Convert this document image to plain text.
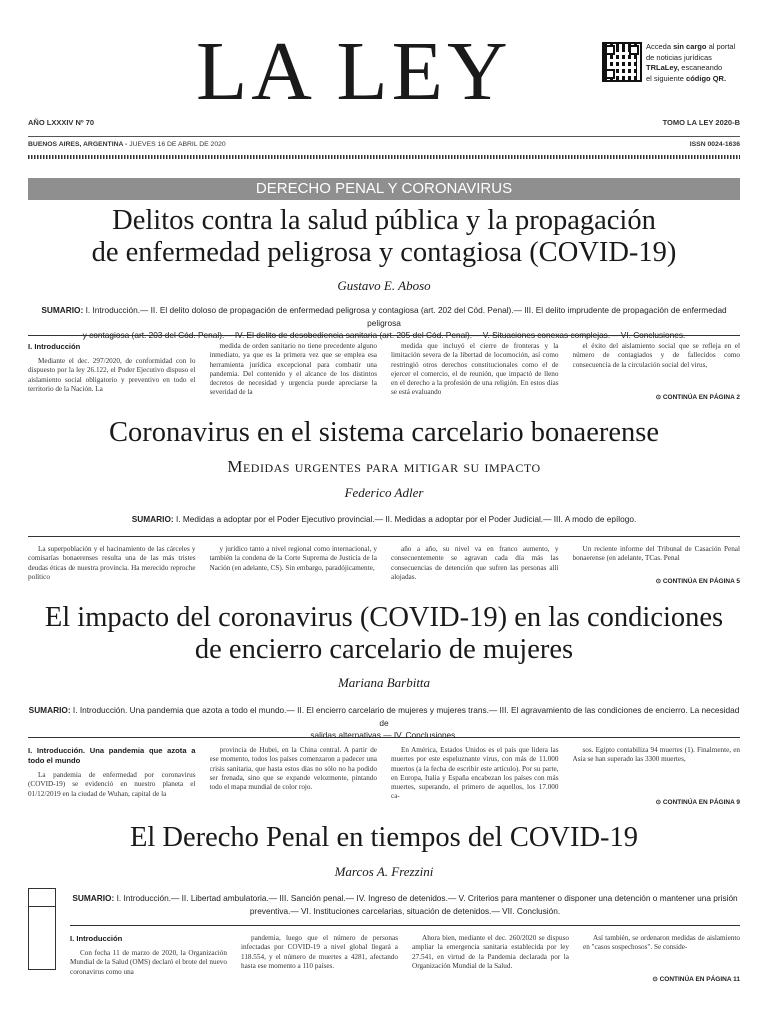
LA LEY	Acceda sin cargo al portal
de noticias jurídicas
TRLaLey, escaneando
el siguiente código QR.
AÑO LXXXIV Nº 70	TOMO LA LEY 2020-B
BUENOS AIRES, ARGENTINA - JUEVES 16 DE ABRIL DE 2020	ISSN 0024-1636
DERECHO PENAL Y CORONAVIRUS
Delitos contra la salud pública y la propagación
de enfermedad peligrosa y contagiosa (COVID-19)
Gustavo E. Aboso
SUMARIO: I. Introducción.— II. El delito doloso de propagación de enfermedad peligrosa y contagiosa (art. 202 del Cód. Penal).— III. El delito imprudente de propagación de enfermedad peligrosa
y contagiosa (art. 203 del Cód. Penal).— IV. El delito de desobediencia sanitaria (art. 205 del Cód. Penal).— V. Situaciones conexas complejas.— VI. Conclusiones.
I. Introducción

Mediante el dec. 297/2020, de conformidad con lo dispuesto por la ley 26.122, el Poder Ejecutivo dispuso el aislamiento social obligatorio y preventivo en todo el territorio de la Nación. La

medida de orden sanitario no tiene precedente alguno inmediato, ya que es la primera vez que se emplea esa herramienta jurídica excepcional para combatir una pandemia. Del contenido y el alcance de los distintos decretos de necesidad y urgencia puede apreciarse la severidad de la

medida que incluyó el cierre de fronteras y la limitación severa de la libertad de locomoción, así como restringió otros derechos constitucionales como el de ejercer el comercio, el de reunión, que impactó de lleno en el derecho a la profesión de una religión. En estos días se está evaluando

el éxito del aislamiento social que se refleja en el número de contagiados y de fallecidos como consecuencia de la circulación social del virus,

⊙ CONTINÚA EN PÁGINA 2
Coronavirus en el sistema carcelario bonaerense
Medidas urgentes para mitigar su impacto
Federico Adler
SUMARIO: I. Medidas a adoptar por el Poder Ejecutivo provincial.— II. Medidas a adoptar por el Poder Judicial.— III. A modo de epílogo.

La superpoblación y el hacinamiento de las cárceles y comisarías bonaerenses resulta una de las más tristes deudas éticas de nuestra provincia. Ha merecido reproche político

y jurídico tanto a nivel regional como internacional, y también la condena de la Corte Suprema de Justicia de la Nación (en adelante, CS). Sin embargo, paradójicamente,

año a año, su nivel va en franco aumento, y consecuentemente se agravan cada día más las consecuencias de detención que sufren las personas allí alojadas.

Un reciente informe del Tribunal de Casación Penal bonaerense (en adelante, TCas. Penal

⊙ CONTINÚA EN PÁGINA 5
El impacto del coronavirus (COVID-19) en las condiciones
de encierro carcelario de mujeres
Mariana Barbitta
SUMARIO: I. Introducción. Una pandemia que azota a todo el mundo.— II. El encierro carcelario de mujeres y mujeres trans.— III. El agravamiento de las condiciones de encierro. La necesidad de
salidas alternativas.— IV. Conclusiones.
I. Introducción. Una pandemia que azota a todo el mundo

La pandemia de enfermedad por coronavirus (COVID-19) se evidenció en nuestro planeta el 01/12/2019 en la ciudad de Wuhan, capital de la

provincia de Hubei, en la China central. A partir de ese momento, todos los países comenzaron a padecer una crisis sanitaria, que hasta estos días no sólo no ha podido ser frenada, sino que se expande velozmente, pintando todo el mapa mundial de color rojo.

En América, Estados Unidos es el país que lidera las muertes por este espeluznante virus, con más de 11.000 muertos (a la fecha de escribir este artículo). Por su parte, en Europa, Italia y España encabezan los países con más muertes, superando, el primero de aquellos, los 17.000 ca-

sos. Egipto contabiliza 94 muertes (1). Finalmente, en Asia se han superado las 3300 muertes,

⊙ CONTINÚA EN PÁGINA 9
El Derecho Penal en tiempos del COVID-19
Marcos A. Frezzini
SUMARIO: I. Introducción.— II. Libertad ambulatoria.— III. Sanción penal.— IV. Ingreso de detenidos.— V. Criterios para mantener o disponer una detención o mantener una prisión
preventiva.— VI. Instituciones carcelarias, situación de detenidos.— VII. Conclusión.
I. Introducción

Con fecha 11 de marzo de 2020, la Organización Mundial de la Salud (OMS) declaró el brote del nuevo coronavirus como una

pandemia, luego que el número de personas infectadas por COVID-19 a nivel global llegará a 118.554, y el número de muertes a 4281, afectando hasta ese momento a 110 países.

Ahora bien, mediante el dec. 260/2020 se dispuso ampliar la emergencia sanitaria establecida por ley 27.541, en virtud de la Pandemia declarada por la Organización Mundial de la Salud.

Así también, se ordenaron medidas de aislamiento en "casos sospechosos". Se conside-

⊙ CONTINÚA EN PÁGINA 11
